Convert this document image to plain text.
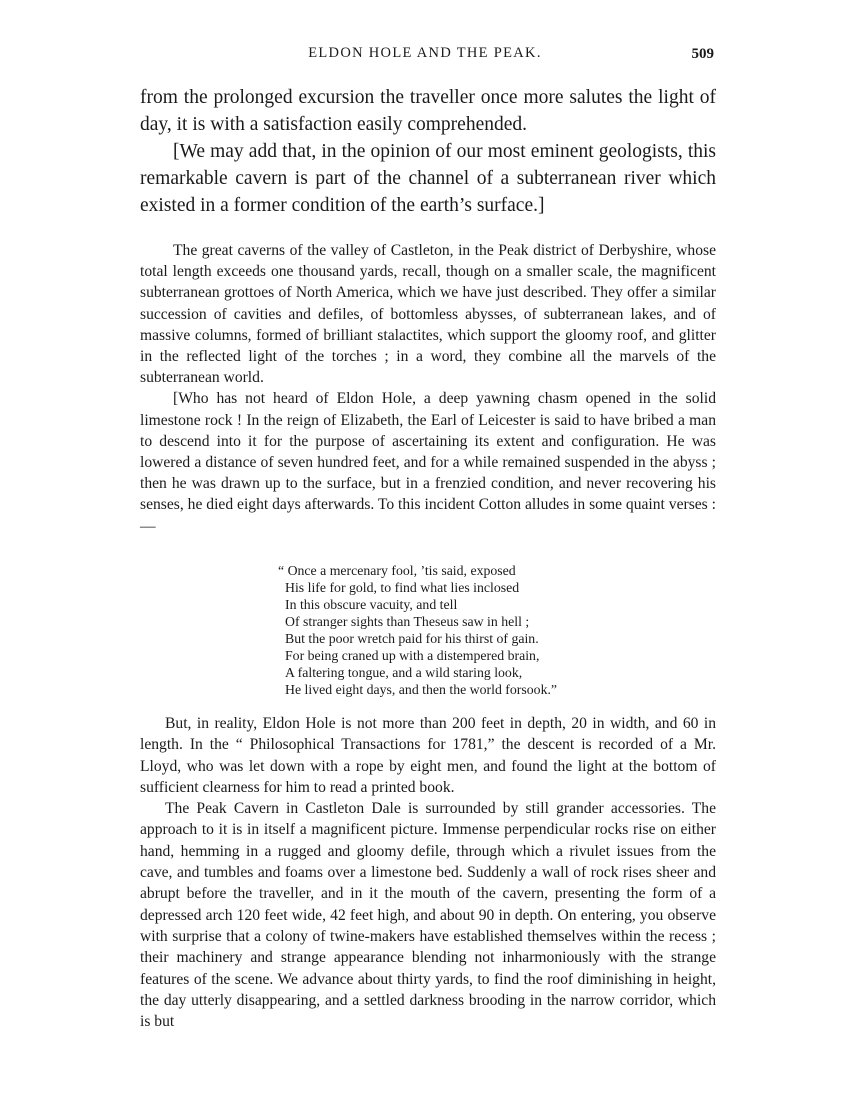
ELDON HOLE AND THE PEAK.	509

from the prolonged excursion the traveller once more salutes the light of day, it is with a satisfaction easily comprehended.

[We may add that, in the opinion of our most eminent geologists, this remarkable cavern is part of the channel of a subterranean river which existed in a former condition of the earth’s surface.]

The great caverns of the valley of Castleton, in the Peak district of Derbyshire, whose total length exceeds one thousand yards, recall, though on a smaller scale, the magnificent subterranean grottoes of North America, which we have just described. They offer a similar succession of cavities and defiles, of bottomless abysses, of subterranean lakes, and of massive columns, formed of brilliant stalactites, which support the gloomy roof, and glitter in the reflected light of the torches ; in a word, they combine all the marvels of the subterranean world.

[Who has not heard of Eldon Hole, a deep yawning chasm opened in the solid limestone rock ! In the reign of Elizabeth, the Earl of Leicester is said to have bribed a man to descend into it for the purpose of ascertaining its extent and configuration. He was lowered a distance of seven hundred feet, and for a while remained suspended in the abyss ; then he was drawn up to the surface, but in a frenzied condition, and never recovering his senses, he died eight days afterwards. To this incident Cotton alludes in some quaint verses :—

“ Once a mercenary fool, ’tis said, exposed
His life for gold, to find what lies inclosed
In this obscure vacuity, and tell
Of stranger sights than Theseus saw in hell ;
But the poor wretch paid for his thirst of gain.
For being craned up with a distempered brain,
A faltering tongue, and a wild staring look,
He lived eight days, and then the world forsook.”

But, in reality, Eldon Hole is not more than 200 feet in depth, 20 in width, and 60 in length. In the “ Philosophical Transactions for 1781,” the descent is recorded of a Mr. Lloyd, who was let down with a rope by eight men, and found the light at the bottom of sufficient clearness for him to read a printed book.

The Peak Cavern in Castleton Dale is surrounded by still grander accessories. The approach to it is in itself a magnificent picture. Immense perpendicular rocks rise on either hand, hemming in a rugged and gloomy defile, through which a rivulet issues from the cave, and tumbles and foams over a limestone bed. Suddenly a wall of rock rises sheer and abrupt before the traveller, and in it the mouth of the cavern, presenting the form of a depressed arch 120 feet wide, 42 feet high, and about 90 in depth. On entering, you observe with surprise that a colony of twine-makers have established themselves within the recess ; their machinery and strange appearance blending not inharmoniously with the strange features of the scene. We advance about thirty yards, to find the roof diminishing in height, the day utterly disappearing, and a settled darkness brooding in the narrow corridor, which is but
